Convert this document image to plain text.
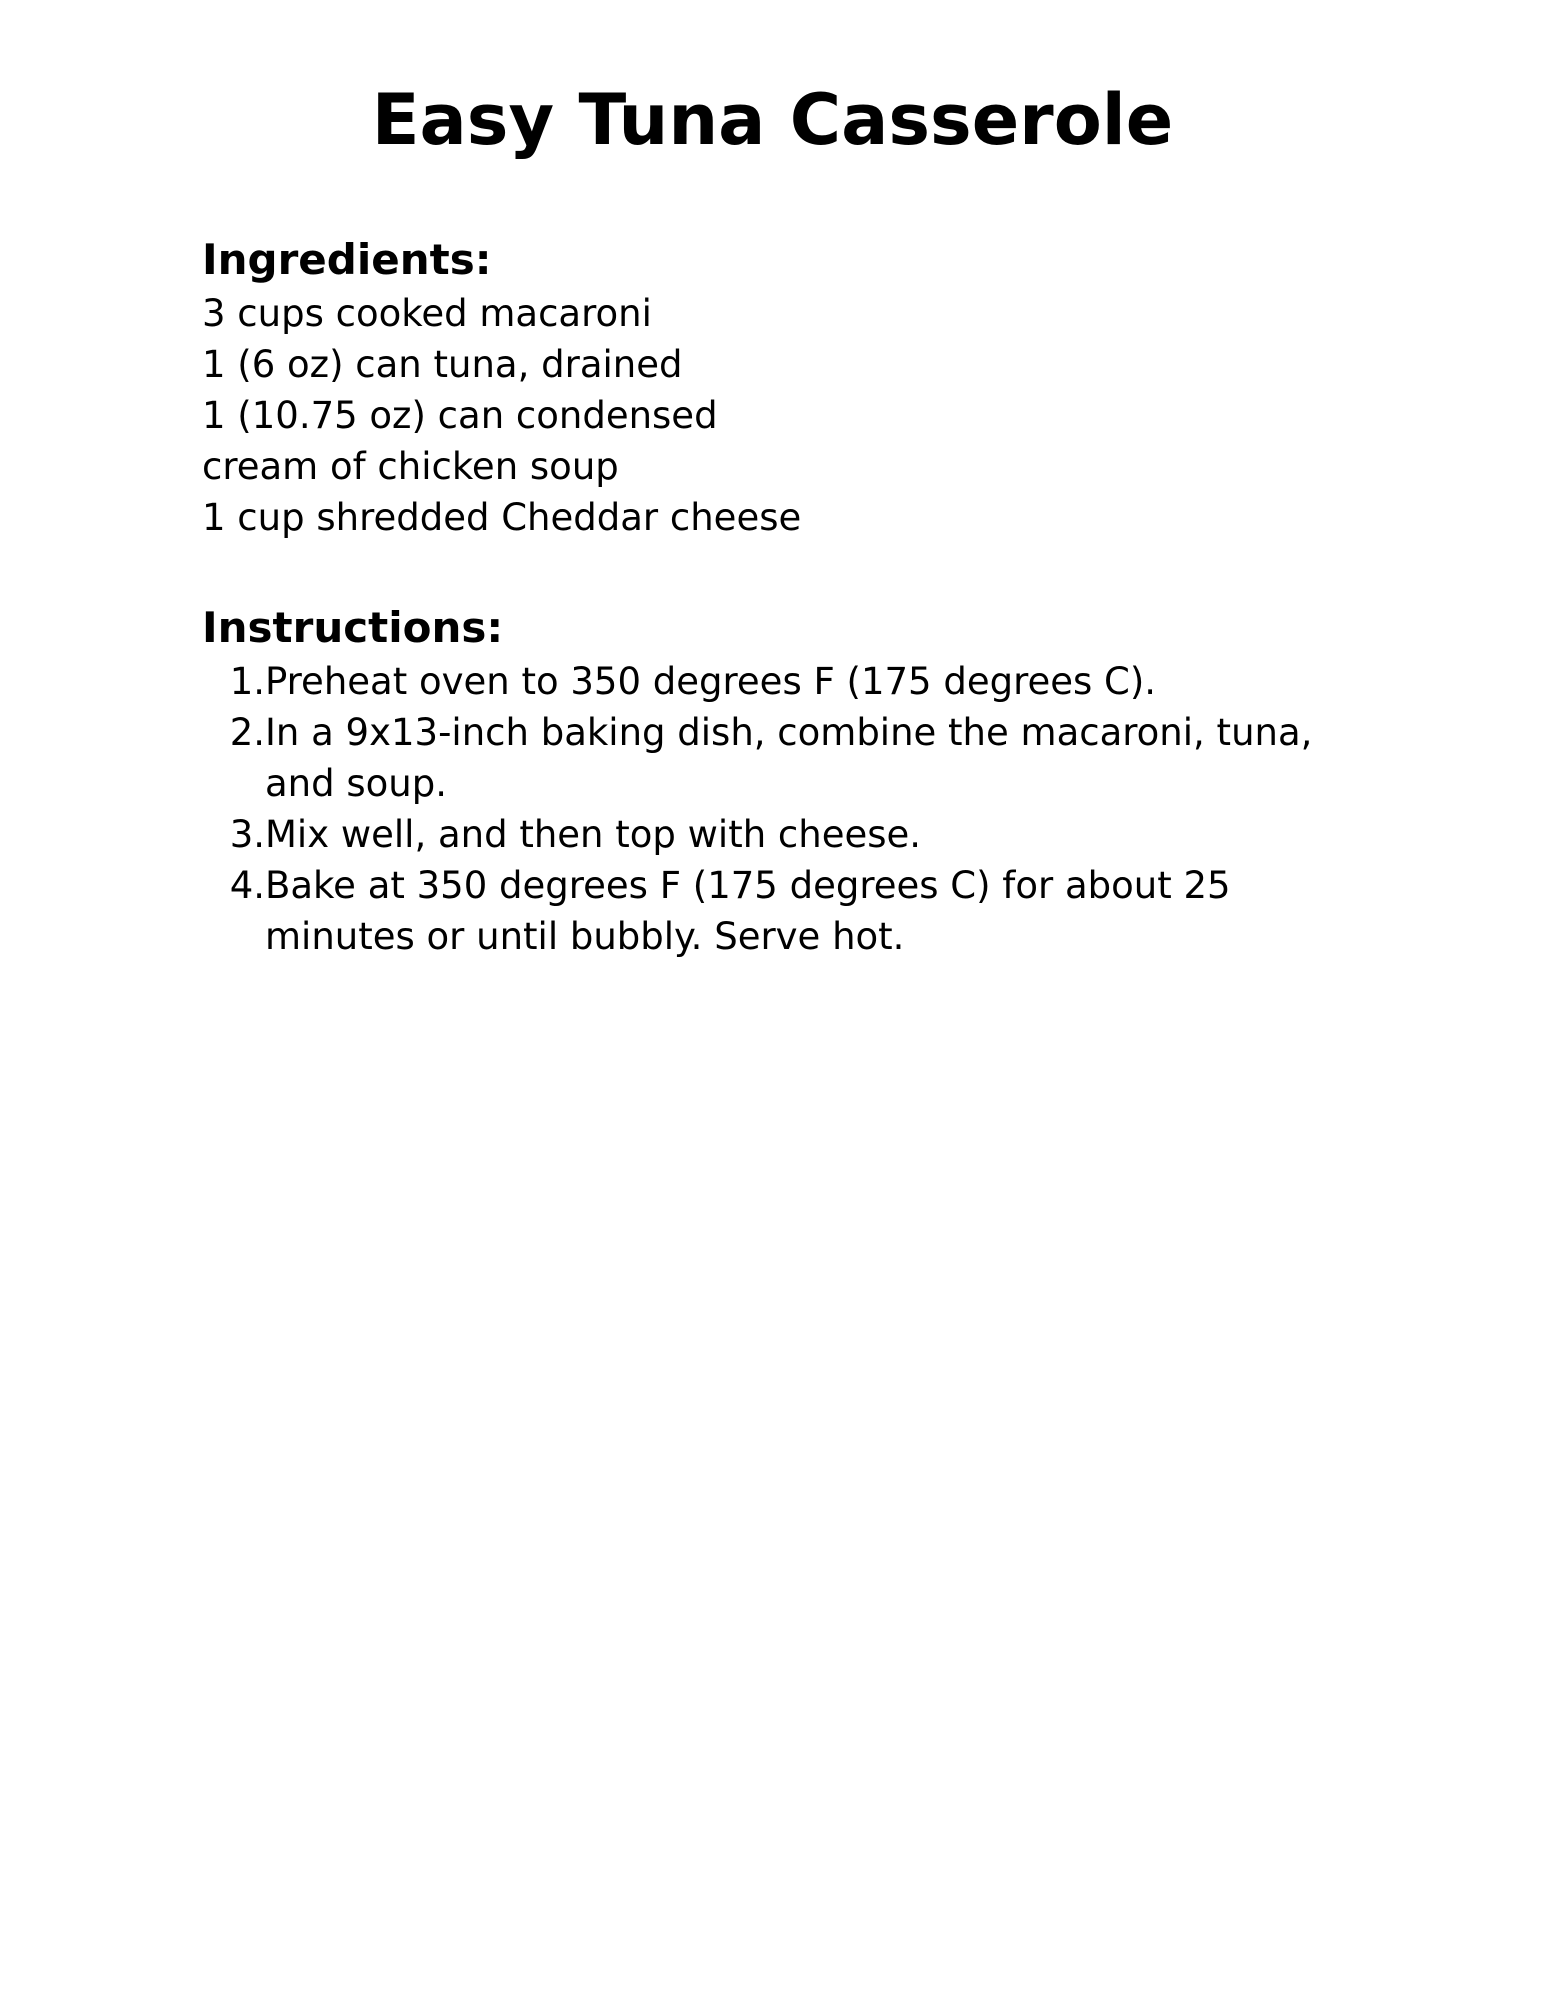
Easy Tuna Casserole
Ingredients:
3 cups cooked macaroni
1 (6 oz) can tuna, drained
1 (10.75 oz) can condensed
cream of chicken soup
1 cup shredded Cheddar cheese
Instructions:
1. Preheat oven to 350 degrees F (175 degrees C).
2. In a 9x13-inch baking dish, combine the macaroni, tuna, and soup.
3. Mix well, and then top with cheese.
4. Bake at 350 degrees F (175 degrees C) for about 25 minutes or until bubbly. Serve hot.
